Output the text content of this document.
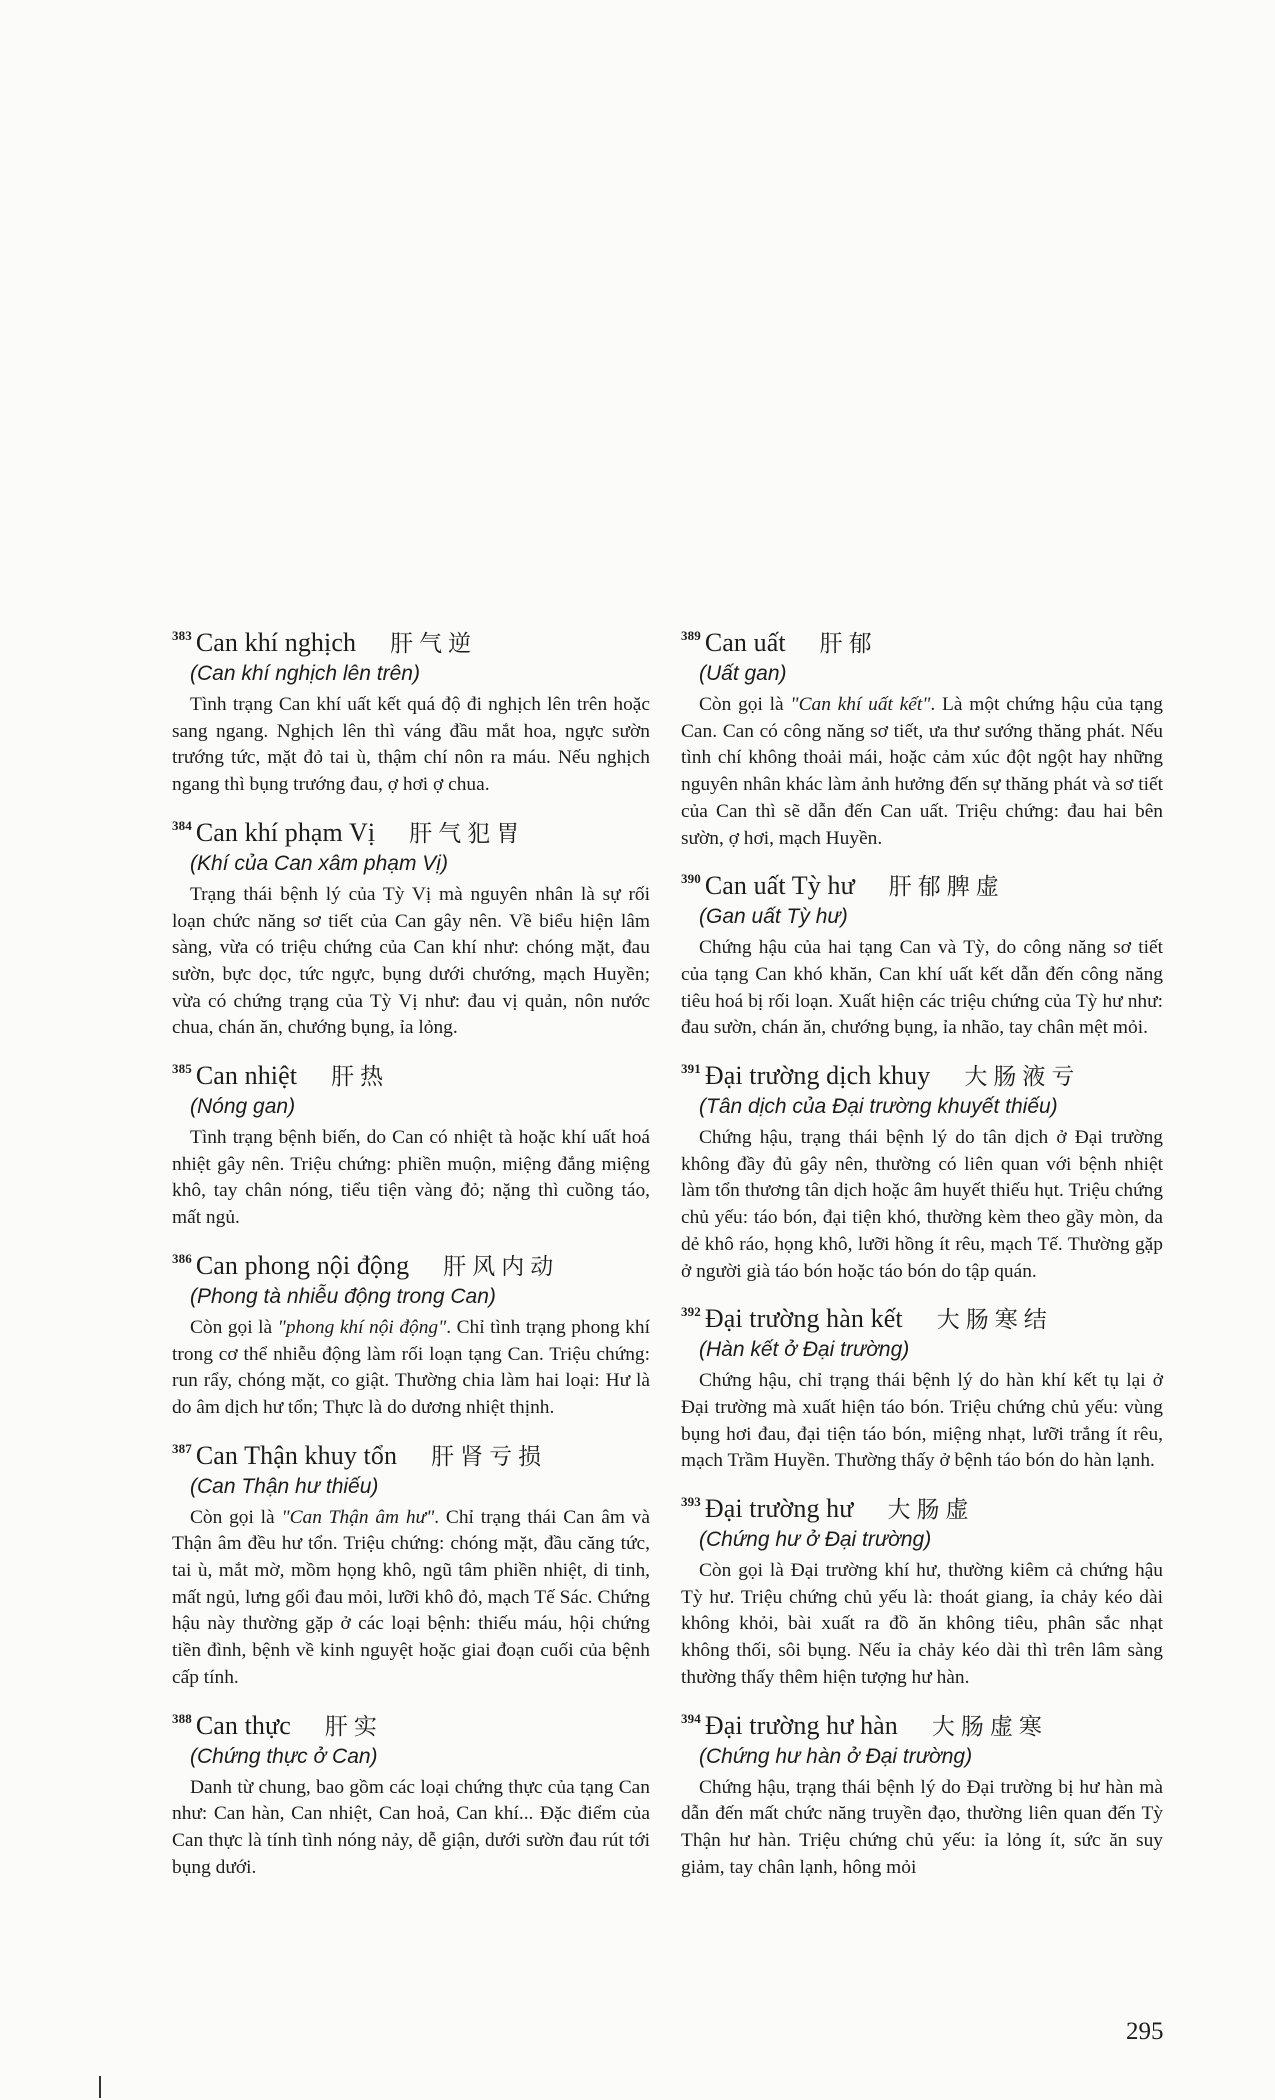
$^{383}$ Can khí nghịch 肝气逆
(Can khí nghịch lên trên)
Tình trạng Can khí uất kết quá độ đi nghịch lên trên hoặc sang ngang. Nghịch lên thì váng đầu mắt hoa, ngực sườn trướng tức, mặt đỏ tai ù, thậm chí nôn ra máu. Nếu nghịch ngang thì bụng trướng đau, ợ hơi ợ chua.
$^{384}$ Can khí phạm Vị 肝气犯胃
(Khí của Can xâm phạm Vị)
Trạng thái bệnh lý của Tỳ Vị mà nguyên nhân là sự rối loạn chức năng sơ tiết của Can gây nên. Về biểu hiện lâm sàng, vừa có triệu chứng của Can khí như: chóng mặt, đau sườn, bực dọc, tức ngực, bụng dưới chướng, mạch Huyền; vừa có chứng trạng của Tỳ Vị như: đau vị quản, nôn nước chua, chán ăn, chướng bụng, ỉa lỏng.
$^{385}$ Can nhiệt 肝热
(Nóng gan)
Tình trạng bệnh biến, do Can có nhiệt tà hoặc khí uất hoá nhiệt gây nên. Triệu chứng: phiền muộn, miệng đắng miệng khô, tay chân nóng, tiểu tiện vàng đỏ; nặng thì cuồng táo, mất ngủ.
$^{386}$ Can phong nội động 肝风内动
(Phong tà nhiễu động trong Can)
Còn gọi là "phong khí nội động". Chỉ tình trạng phong khí trong cơ thể nhiễu động làm rối loạn tạng Can. Triệu chứng: run rẩy, chóng mặt, co giật. Thường chia làm hai loại: Hư là do âm dịch hư tổn; Thực là do dương nhiệt thịnh.
$^{387}$ Can Thận khuy tổn 肝肾亏损
(Can Thận hư thiếu)
Còn gọi là "Can Thận âm hư". Chỉ trạng thái Can âm và Thận âm đều hư tổn. Triệu chứng: chóng mặt, đầu căng tức, tai ù, mắt mờ, mồm họng khô, ngũ tâm phiền nhiệt, di tinh, mất ngủ, lưng gối đau mỏi, lưỡi khô đỏ, mạch Tế Sác. Chứng hậu này thường gặp ở các loại bệnh: thiếu máu, hội chứng tiền đình, bệnh về kinh nguyệt hoặc giai đoạn cuối của bệnh cấp tính.
$^{388}$ Can thực 肝实
(Chứng thực ở Can)
Danh từ chung, bao gồm các loại chứng thực của tạng Can như: Can hàn, Can nhiệt, Can hoả, Can khí... Đặc điểm của Can thực là tính tình nóng nảy, dễ giận, dưới sườn đau rút tới bụng dưới.
$^{389}$ Can uất 肝郁
(Uất gan)
Còn gọi là "Can khí uất kết". Là một chứng hậu của tạng Can. Can có công năng sơ tiết, ưa thư sướng thăng phát. Nếu tình chí không thoải mái, hoặc cảm xúc đột ngột hay những nguyên nhân khác làm ảnh hưởng đến sự thăng phát và sơ tiết của Can thì sẽ dẫn đến Can uất. Triệu chứng: đau hai bên sườn, ợ hơi, mạch Huyền.
$^{390}$ Can uất Tỳ hư 肝郁脾虚
(Gan uất Tỳ hư)
Chứng hậu của hai tạng Can và Tỳ, do công năng sơ tiết của tạng Can khó khăn, Can khí uất kết dẫn đến công năng tiêu hoá bị rối loạn. Xuất hiện các triệu chứng của Tỳ hư như: đau sườn, chán ăn, chướng bụng, ỉa nhão, tay chân mệt mỏi.
$^{391}$ Đại trường dịch khuy 大肠液亏
(Tân dịch của Đại trường khuyết thiếu)
Chứng hậu, trạng thái bệnh lý do tân dịch ở Đại trường không đầy đủ gây nên, thường có liên quan với bệnh nhiệt làm tổn thương tân dịch hoặc âm huyết thiếu hụt. Triệu chứng chủ yếu: táo bón, đại tiện khó, thường kèm theo gầy mòn, da dẻ khô ráo, họng khô, lưỡi hồng ít rêu, mạch Tế. Thường gặp ở người già táo bón hoặc táo bón do tập quán.
$^{392}$ Đại trường hàn kết 大肠寒结
(Hàn kết ở Đại trường)
Chứng hậu, chỉ trạng thái bệnh lý do hàn khí kết tụ lại ở Đại trường mà xuất hiện táo bón. Triệu chứng chủ yếu: vùng bụng hơi đau, đại tiện táo bón, miệng nhạt, lưỡi trắng ít rêu, mạch Trầm Huyền. Thường thấy ở bệnh táo bón do hàn lạnh.
$^{393}$ Đại trường hư 大肠虚
(Chứng hư ở Đại trường)
Còn gọi là Đại trường khí hư, thường kiêm cả chứng hậu Tỳ hư. Triệu chứng chủ yếu là: thoát giang, ỉa chảy kéo dài không khỏi, bài xuất ra đồ ăn không tiêu, phân sắc nhạt không thối, sôi bụng. Nếu ỉa chảy kéo dài thì trên lâm sàng thường thấy thêm hiện tượng hư hàn.
$^{394}$ Đại trường hư hàn 大肠虚寒
(Chứng hư hàn ở Đại trường)
Chứng hậu, trạng thái bệnh lý do Đại trường bị hư hàn mà dẫn đến mất chức năng truyền đạo, thường liên quan đến Tỳ Thận hư hàn. Triệu chứng chủ yếu: ỉa lỏng ít, sức ăn suy giảm, tay chân lạnh, hông mỏi
295
